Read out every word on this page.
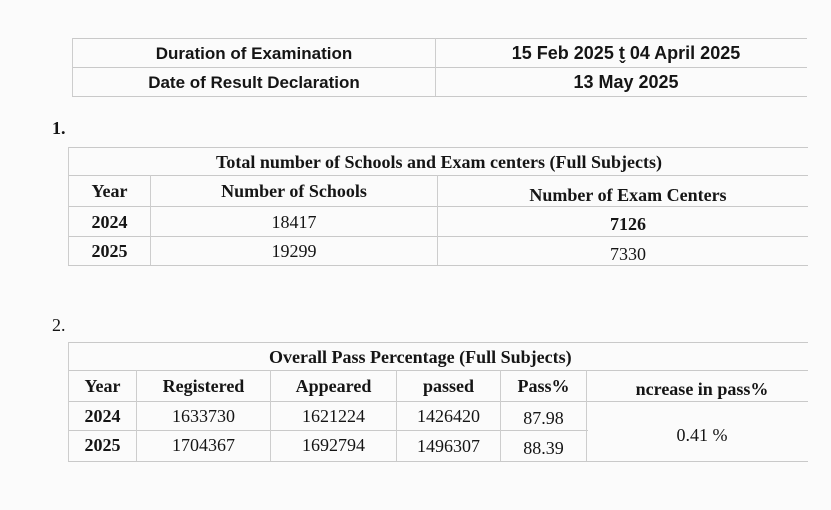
Duration of Examination	15 Feb 2025 t̬ 04 April 2025
Date of Result Declaration	13 May 2025
1.
Total number of Schools and Exam centers (Full Subjects)
Year	Number of Schools	Number of Exam Centers
2024	18417	7126
2025	19299	7330
2.
Overall Pass Percentage (Full Subjects)
Year	Registered	Appeared	passed	Pass%	ncrease in pass%
2024	1633730	1621224	1426420	87.98
2025	1704367	1692794	1496307	88.39
0.41 %
